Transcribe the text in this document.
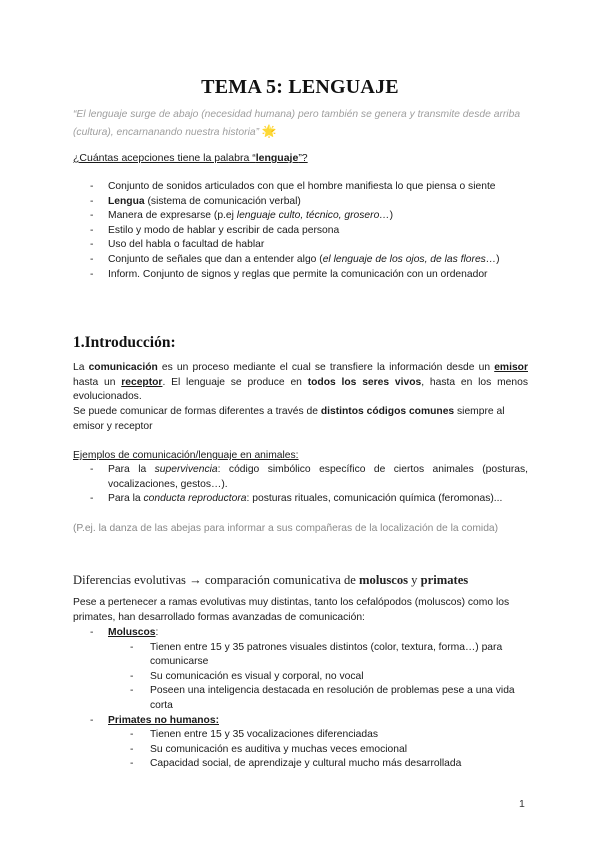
TEMA 5: LENGUAJE
“El lenguaje surge de abajo (necesidad humana) pero también se genera y transmite desde arriba (cultura), encarnanando nuestra historia” 🌟
¿Cuántas acepciones tiene la palabra “lenguaje”?
- Conjunto de sonidos articulados con que el hombre manifiesta lo que piensa o siente
- Lengua (sistema de comunicación verbal)
- Manera de expresarse (p.ej lenguaje culto, técnico, grosero…)
- Estilo y modo de hablar y escribir de cada persona
- Uso del habla o facultad de hablar
- Conjunto de señales que dan a entender algo (el lenguaje de los ojos, de las flores…)
- Inform. Conjunto de signos y reglas que permite la comunicación con un ordenador
1.Introducción:
La comunicación es un proceso mediante el cual se transfiere la información desde un emisor hasta un receptor. El lenguaje se produce en todos los seres vivos, hasta en los menos evolucionados.
Se puede comunicar de formas diferentes a través de distintos códigos comunes siempre al emisor y receptor
Ejemplos de comunicación/lenguaje en animales:
- Para la supervivencia: código simbólico específico de ciertos animales (posturas, vocalizaciones, gestos…).
- Para la conducta reproductora: posturas rituales, comunicación química (feromonas)...
(P.ej. la danza de las abejas para informar a sus compañeras de la localización de la comida)
Diferencias evolutivas → comparación comunicativa de moluscos y primates
Pese a pertenecer a ramas evolutivas muy distintas, tanto los cefalópodos (moluscos) como los primates, han desarrollado formas avanzadas de comunicación:
- Moluscos:
- Tienen entre 15 y 35 patrones visuales distintos (color, textura, forma…) para comunicarse
- Su comunicación es visual y corporal, no vocal
- Poseen una inteligencia destacada en resolución de problemas pese a una vida corta
- Primates no humanos:
- Tienen entre 15 y 35 vocalizaciones diferenciadas
- Su comunicación es auditiva y muchas veces emocional
- Capacidad social, de aprendizaje y cultural mucho más desarrollada
1
